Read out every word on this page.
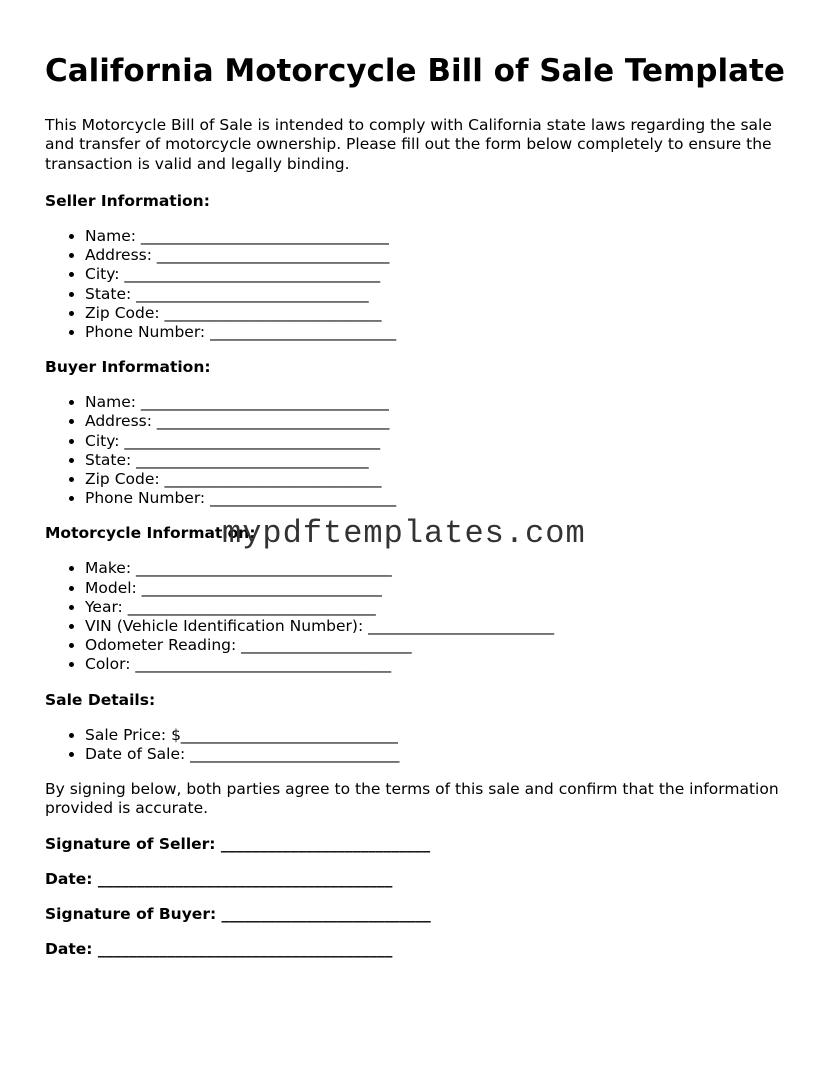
California Motorcycle Bill of Sale Template

This Motorcycle Bill of Sale is intended to comply with California state laws regarding the sale and transfer of motorcycle ownership. Please fill out the form below completely to ensure the transaction is valid and legally binding.

Seller Information:
• Name: ________________________________
• Address: ______________________________
• City: _________________________________
• State: ______________________________
• Zip Code: ____________________________
• Phone Number: ________________________
Buyer Information:
• Name: ________________________________
• Address: ______________________________
• City: _________________________________
• State: ______________________________
• Zip Code: ____________________________
• Phone Number: ________________________
Motorcycle Information:
• Make: _________________________________
• Model: _______________________________
• Year: ________________________________
• VIN (Vehicle Identification Number): ________________________
• Odometer Reading: ______________________
• Color: _________________________________
Sale Details:
• Sale Price: $____________________________
• Date of Sale: ___________________________

By signing below, both parties agree to the terms of this sale and confirm that the information provided is accurate.

Signature of Seller: ___________________________
Date: ______________________________________
Signature of Buyer: ___________________________
Date: ______________________________________
mypdftemplates.com
